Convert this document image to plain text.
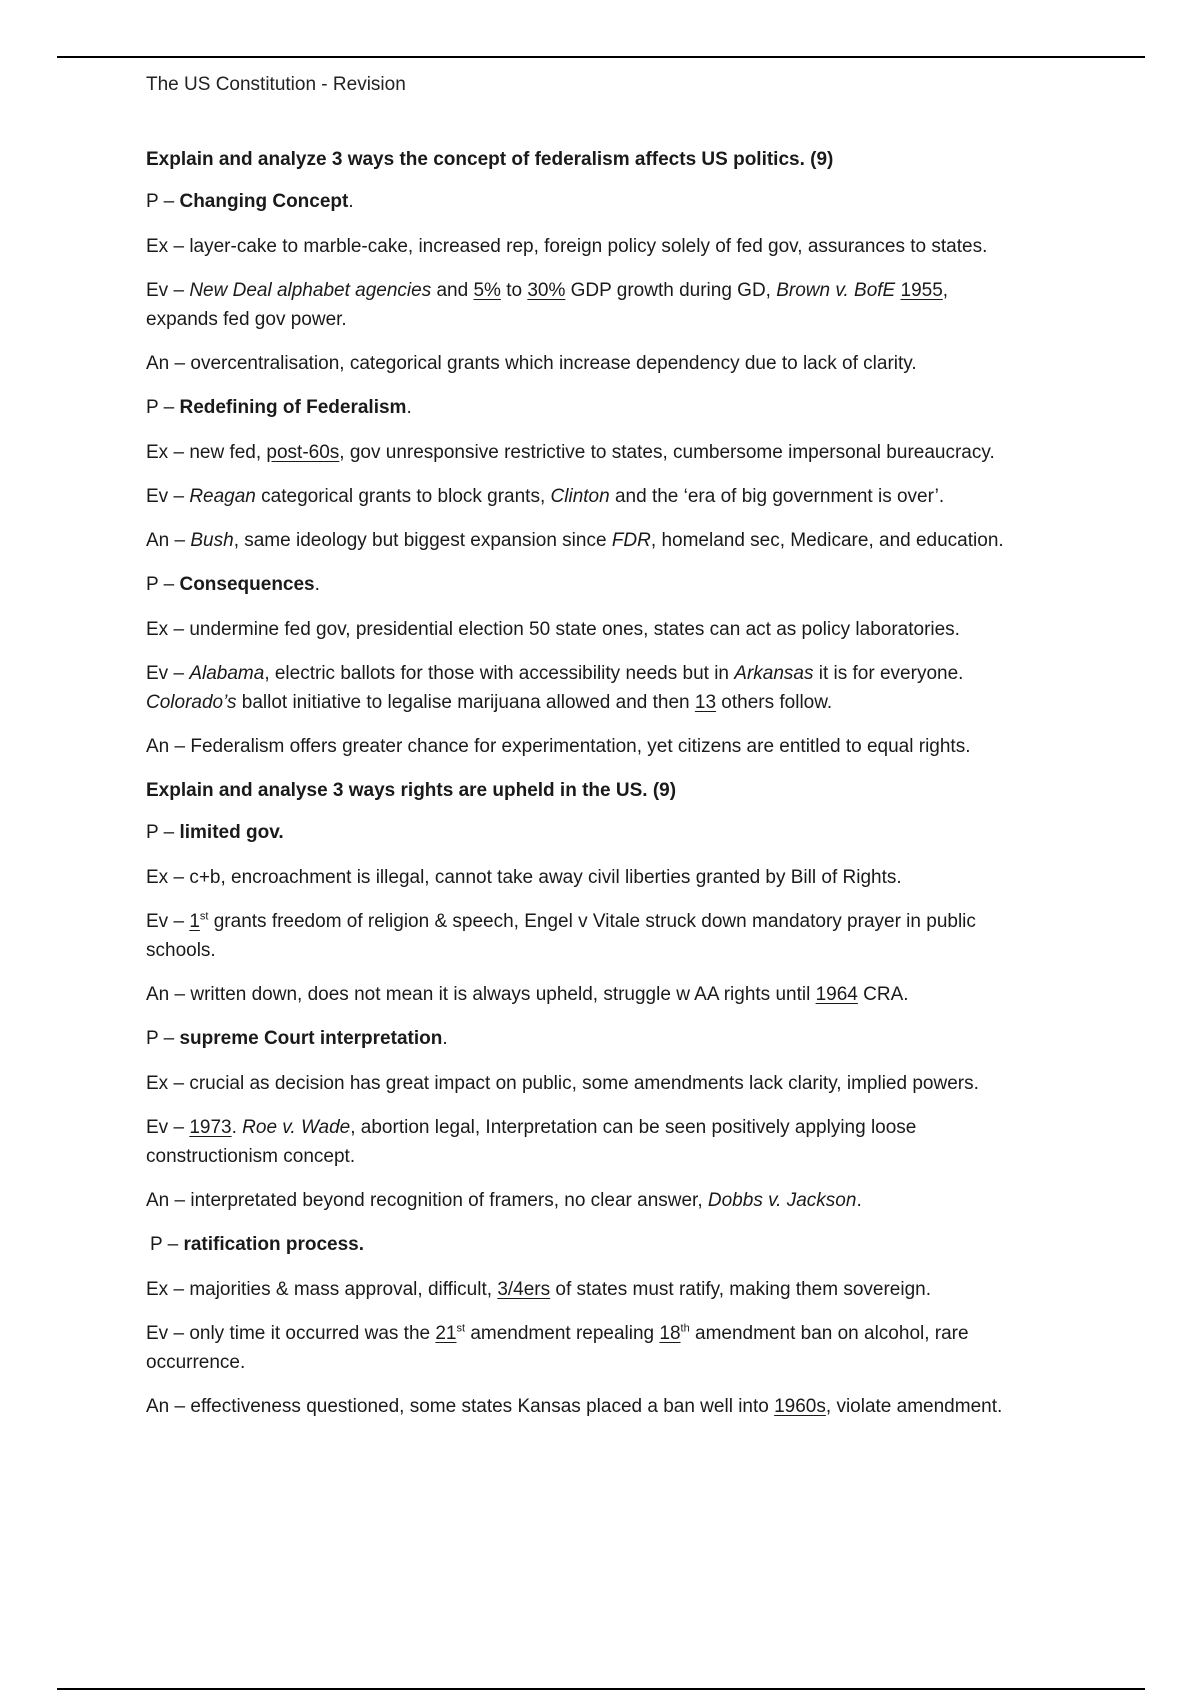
The US Constitution - Revision

Explain and analyze 3 ways the concept of federalism affects US politics. (9)

P – Changing Concept.

Ex – layer-cake to marble-cake, increased rep, foreign policy solely of fed gov, assurances to states.

Ev – New Deal alphabet agencies and 5% to 30% GDP growth during GD, Brown v. BofE 1955,
expands fed gov power.

An – overcentralisation, categorical grants which increase dependency due to lack of clarity.

P – Redefining of Federalism.

Ex – new fed, post-60s, gov unresponsive restrictive to states, cumbersome impersonal bureaucracy.

Ev – Reagan categorical grants to block grants, Clinton and the ‘era of big government is over’.

An – Bush, same ideology but biggest expansion since FDR, homeland sec, Medicare, and education.

P – Consequences.

Ex – undermine fed gov, presidential election 50 state ones, states can act as policy laboratories.

Ev – Alabama, electric ballots for those with accessibility needs but in Arkansas it is for everyone.
Colorado’s ballot initiative to legalise marijuana allowed and then 13 others follow.

An – Federalism offers greater chance for experimentation, yet citizens are entitled to equal rights.

Explain and analyse 3 ways rights are upheld in the US. (9)

P – limited gov.

Ex – c+b, encroachment is illegal, cannot take away civil liberties granted by Bill of Rights.

Ev – 1st grants freedom of religion & speech, Engel v Vitale struck down mandatory prayer in public
schools.

An – written down, does not mean it is always upheld, struggle w AA rights until 1964 CRA.

P – supreme Court interpretation.

Ex – crucial as decision has great impact on public, some amendments lack clarity, implied powers.

Ev – 1973. Roe v. Wade, abortion legal, Interpretation can be seen positively applying loose
constructionism concept.

An – interpretated beyond recognition of framers, no clear answer, Dobbs v. Jackson.

P – ratification process.

Ex – majorities & mass approval, difficult, 3/4ers of states must ratify, making them sovereign.

Ev – only time it occurred was the 21st amendment repealing 18th amendment ban on alcohol, rare
occurrence.

An – effectiveness questioned, some states Kansas placed a ban well into 1960s, violate amendment.
